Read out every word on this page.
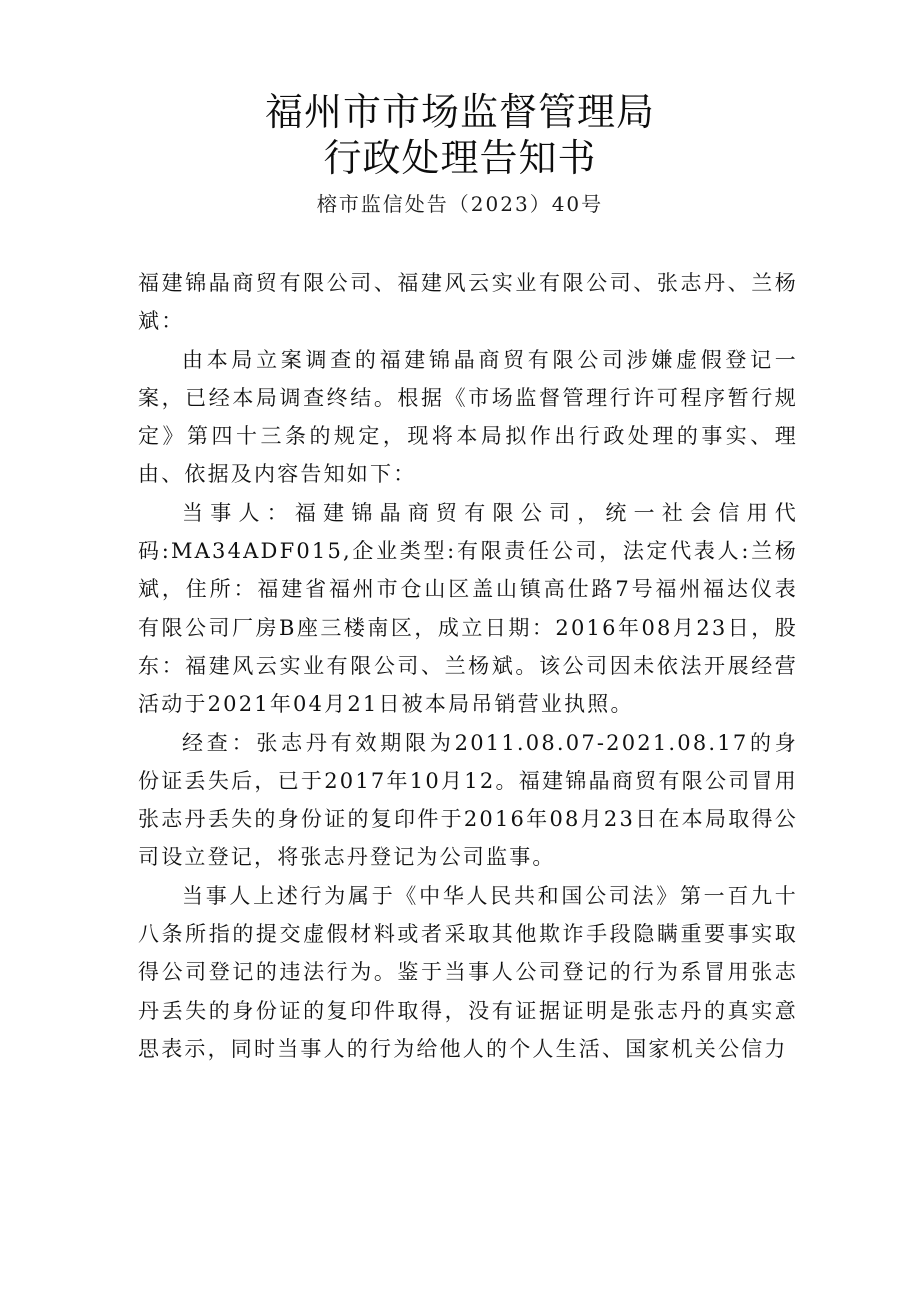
福州市市场监督管理局
行政处理告知书
榕市监信处告（2023）40号

福建锦晶商贸有限公司、福建风云实业有限公司、张志丹、兰杨斌：

由本局立案调查的福建锦晶商贸有限公司涉嫌虚假登记一案，已经本局调查终结。根据《市场监督管理行许可程序暂行规定》第四十三条的规定，现将本局拟作出行政处理的事实、理由、依据及内容告知如下：

当事人：福建锦晶商贸有限公司，统一社会信用代码:MA34ADF015,企业类型:有限责任公司，法定代表人:兰杨斌，住所：福建省福州市仓山区盖山镇高仕路7号福州福达仪表有限公司厂房B座三楼南区，成立日期：2016年08月23日，股东：福建风云实业有限公司、兰杨斌。该公司因未依法开展经营活动于2021年04月21日被本局吊销营业执照。

经查：张志丹有效期限为2011.08.07-2021.08.17的身份证丢失后，已于2017年10月12。福建锦晶商贸有限公司冒用张志丹丢失的身份证的复印件于2016年08月23日在本局取得公司设立登记，将张志丹登记为公司监事。

当事人上述行为属于《中华人民共和国公司法》第一百九十八条所指的提交虚假材料或者采取其他欺诈手段隐瞒重要事实取得公司登记的违法行为。鉴于当事人公司登记的行为系冒用张志丹丢失的身份证的复印件取得，没有证据证明是张志丹的真实意思表示，同时当事人的行为给他人的个人生活、国家机关公信力
